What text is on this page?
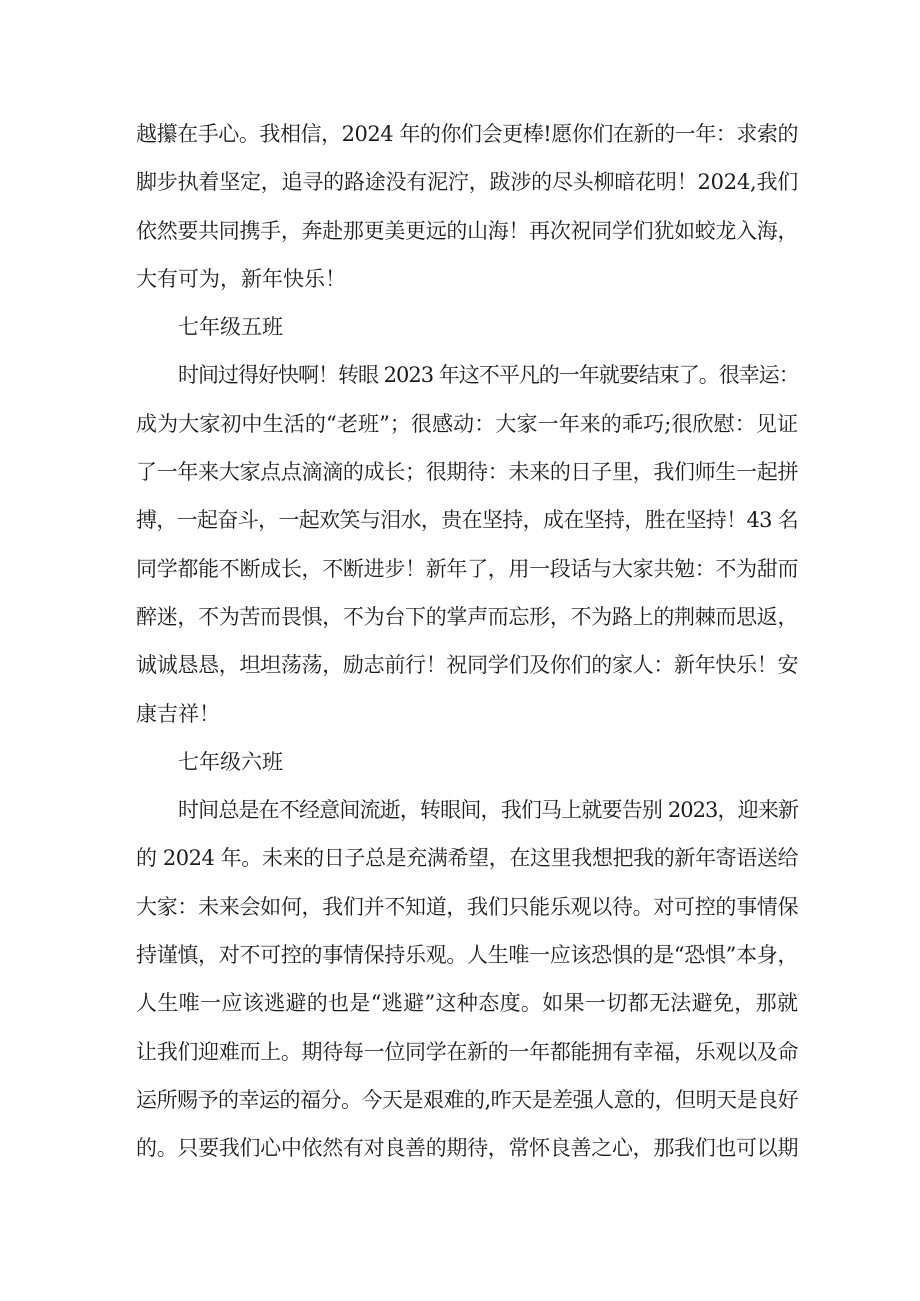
越攥在手心。我相信，2024 年的你们会更棒!愿你们在新的一年：求索的
脚步执着坚定，追寻的路途没有泥泞，跋涉的尽头柳暗花明！2024,我们
依然要共同携手，奔赴那更美更远的山海！再次祝同学们犹如蛟龙入海，
大有可为，新年快乐！
七年级五班
时间过得好快啊！转眼 2023 年这不平凡的一年就要结束了。很幸运：
成为大家初中生活的“老班”；很感动：大家一年来的乖巧;很欣慰：见证
了一年来大家点点滴滴的成长；很期待：未来的日子里，我们师生一起拼
搏，一起奋斗，一起欢笑与泪水，贵在坚持，成在坚持，胜在坚持！43 名
同学都能不断成长，不断进步！新年了，用一段话与大家共勉：不为甜而
醉迷，不为苦而畏惧，不为台下的掌声而忘形，不为路上的荆棘而思返，
诚诚恳恳，坦坦荡荡，励志前行！祝同学们及你们的家人：新年快乐！安
康吉祥！
七年级六班
时间总是在不经意间流逝，转眼间，我们马上就要告别 2023，迎来新
的 2024 年。未来的日子总是充满希望，在这里我想把我的新年寄语送给
大家：未来会如何，我们并不知道，我们只能乐观以待。对可控的事情保
持谨慎，对不可控的事情保持乐观。人生唯一应该恐惧的是“恐惧”本身，
人生唯一应该逃避的也是“逃避”这种态度。如果一切都无法避免，那就
让我们迎难而上。期待每一位同学在新的一年都能拥有幸福，乐观以及命
运所赐予的幸运的福分。今天是艰难的,昨天是差强人意的，但明天是良好
的。只要我们心中依然有对良善的期待，常怀良善之心，那我们也可以期
